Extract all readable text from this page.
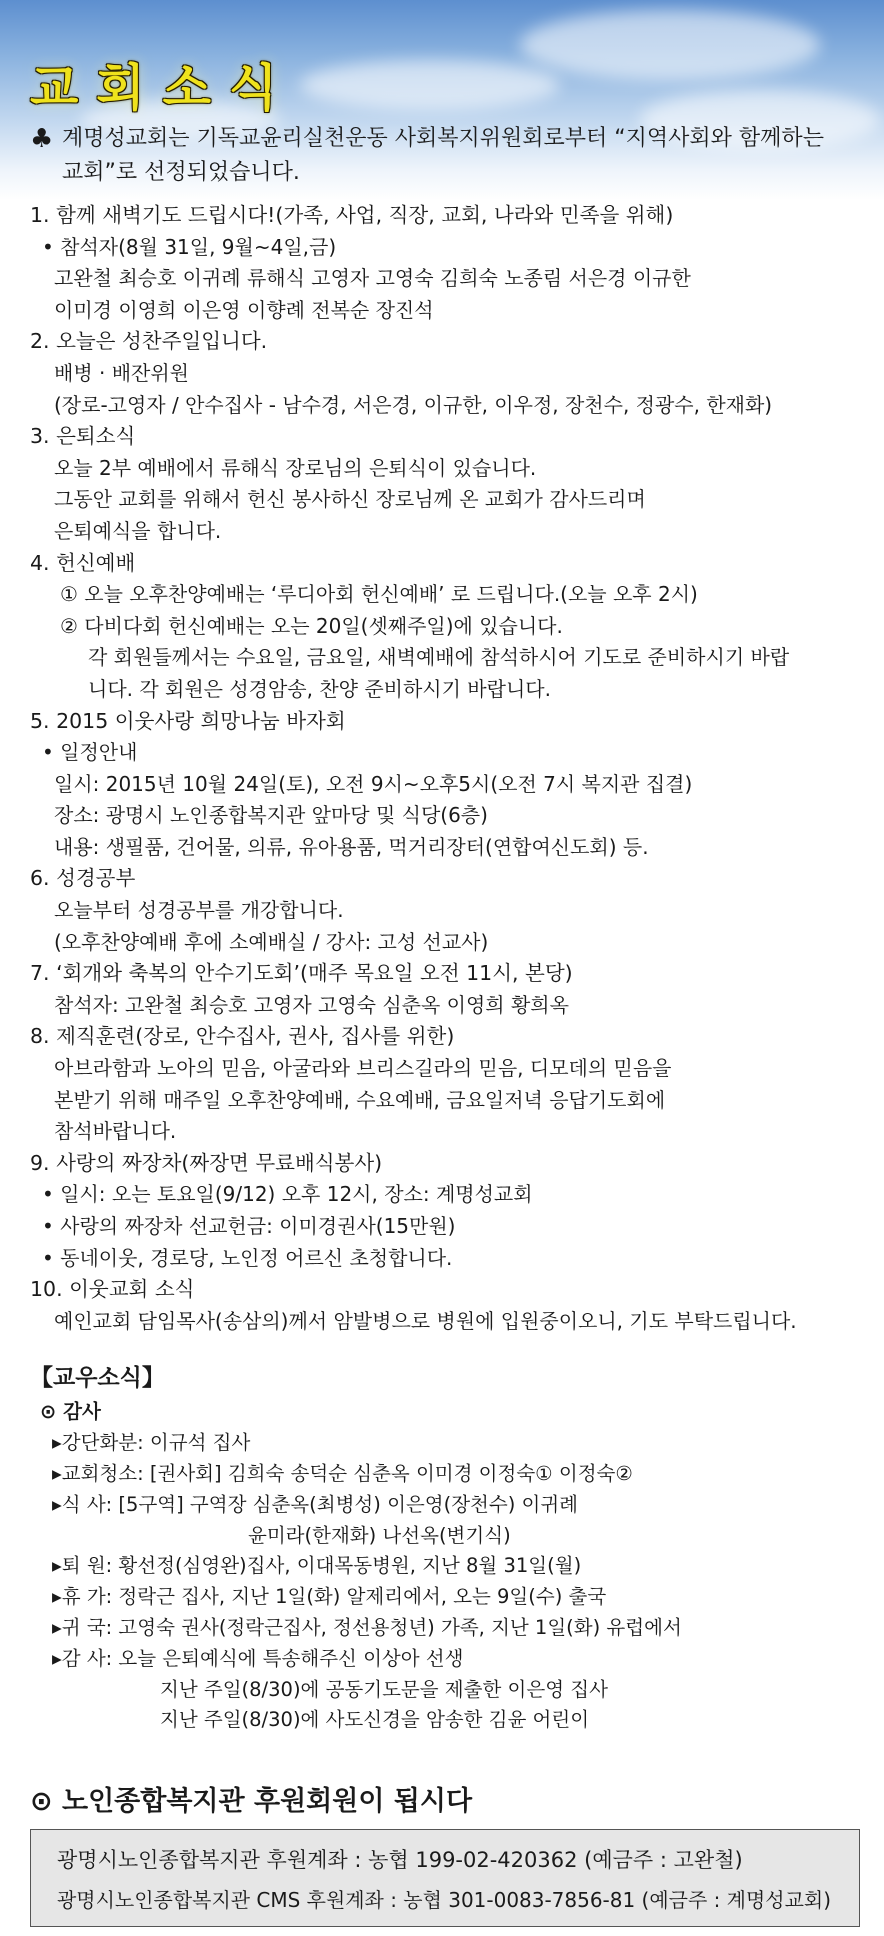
교회소식
♣ 계명성교회는 기독교윤리실천운동 사회복지위원회로부터 “지역사회와 함께하는
교회”로 선정되었습니다.
1. 함께 새벽기도 드립시다!(가족, 사업, 직장, 교회, 나라와 민족을 위해)
• 참석자(8월 31일, 9월~4일,금)
고완철 최승호 이귀례 류해식 고영자 고영숙 김희숙 노종림 서은경 이규한
이미경 이영희 이은영 이향례 전복순 장진석
2. 오늘은 성찬주일입니다.
배병 · 배잔위원
(장로-고영자 / 안수집사 - 남수경, 서은경, 이규한, 이우정, 장천수, 정광수, 한재화)
3. 은퇴소식
오늘 2부 예배에서 류해식 장로님의 은퇴식이 있습니다.
그동안 교회를 위해서 헌신 봉사하신 장로님께 온 교회가 감사드리며
은퇴예식을 합니다.
4. 헌신예배
① 오늘 오후찬양예배는 ‘루디아회 헌신예배’ 로 드립니다.(오늘 오후 2시)
② 다비다회 헌신예배는 오는 20일(셋째주일)에 있습니다.
각 회원들께서는 수요일, 금요일, 새벽예배에 참석하시어 기도로 준비하시기 바랍
니다. 각 회원은 성경암송, 찬양 준비하시기 바랍니다.
5. 2015 이웃사랑 희망나눔 바자회
• 일정안내
일시: 2015년 10월 24일(토), 오전 9시~오후5시(오전 7시 복지관 집결)
장소: 광명시 노인종합복지관 앞마당 및 식당(6층)
내용: 생필품, 건어물, 의류, 유아용품, 먹거리장터(연합여신도회) 등.
6. 성경공부
오늘부터 성경공부를 개강합니다.
(오후찬양예배 후에 소예배실 / 강사: 고성 선교사)
7. ‘회개와 축복의 안수기도회’(매주 목요일 오전 11시, 본당)
참석자: 고완철 최승호 고영자 고영숙 심춘옥 이영희 황희옥
8. 제직훈련(장로, 안수집사, 권사, 집사를 위한)
아브라함과 노아의 믿음, 아굴라와 브리스길라의 믿음, 디모데의 믿음을
본받기 위해 매주일 오후찬양예배, 수요예배, 금요일저녁 응답기도회에
참석바랍니다.
9. 사랑의 짜장차(짜장면 무료배식봉사)
• 일시: 오는 토요일(9/12) 오후 12시, 장소: 계명성교회
• 사랑의 짜장차 선교헌금: 이미경권사(15만원)
• 동네이웃, 경로당, 노인정 어르신 초청합니다.
10. 이웃교회 소식
예인교회 담임목사(송삼의)께서 암발병으로 병원에 입원중이오니, 기도 부탁드립니다.
【교우소식】
⊙ 감사
▸강단화분: 이규석 집사
▸교회청소: [권사회] 김희숙 송덕순 심춘옥 이미경 이정숙① 이정숙②
▸식 사: [5구역] 구역장 심춘옥(최병성) 이은영(장천수) 이귀례
윤미라(한재화) 나선옥(변기식)
▸퇴 원: 황선정(심영완)집사, 이대목동병원, 지난 8월 31일(월)
▸휴 가: 정락근 집사, 지난 1일(화) 알제리에서, 오는 9일(수) 출국
▸귀 국: 고영숙 권사(정락근집사, 정선용청년) 가족, 지난 1일(화) 유럽에서
▸감 사: 오늘 은퇴예식에 특송해주신 이상아 선생
지난 주일(8/30)에 공동기도문을 제출한 이은영 집사
지난 주일(8/30)에 사도신경을 암송한 김윤 어린이
⊙ 노인종합복지관 후원회원이 됩시다
광명시노인종합복지관 후원계좌 : 농협 199-02-420362 (예금주 : 고완철)
광명시노인종합복지관 CMS 후원계좌 : 농협 301-0083-7856-81 (예금주 : 계명성교회)
